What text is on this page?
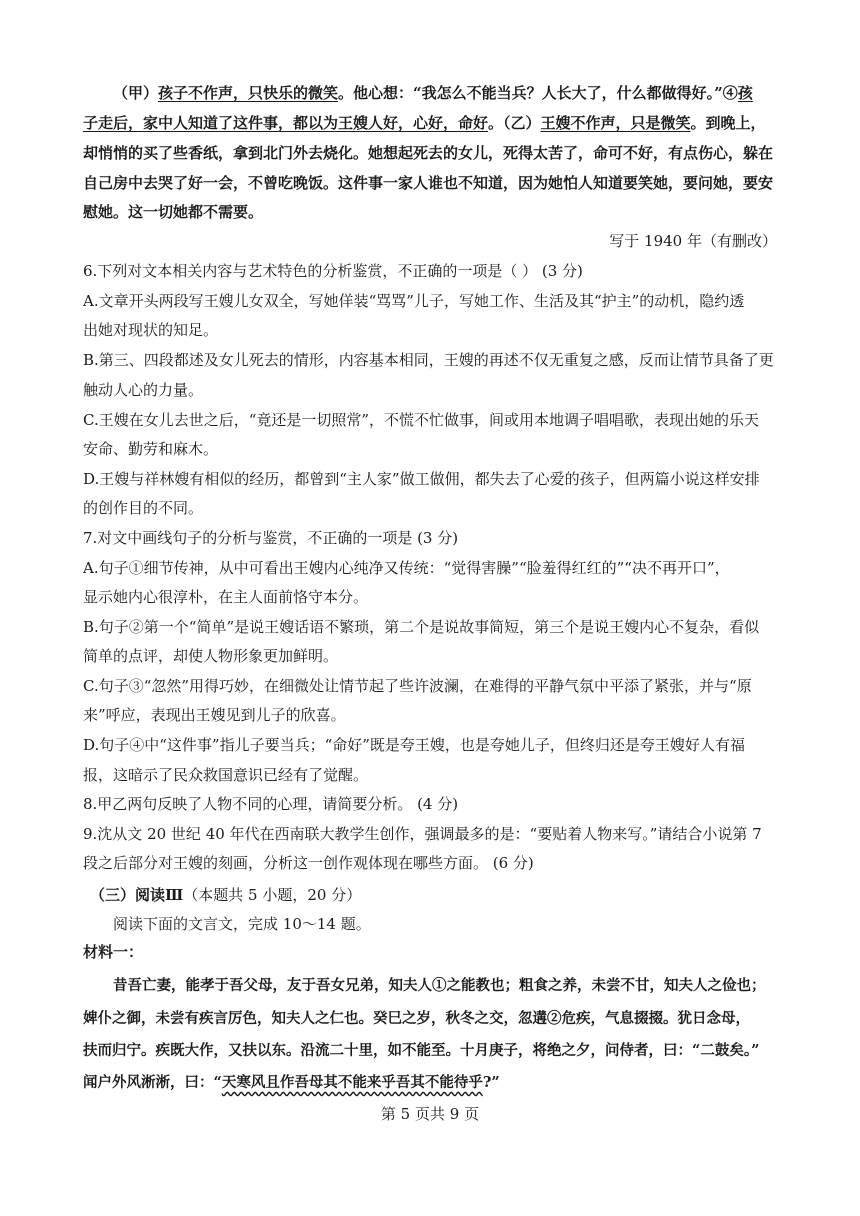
（甲）孩子不作声，只快乐的微笑。他心想：“我怎么不能当兵？人长大了，什么都做得好。”④孩
子走后，家中人知道了这件事，都以为王嫂人好，心好，命好。（乙）王嫂不作声，只是微笑。到晚上，
却悄悄的买了些香纸，拿到北门外去烧化。她想起死去的女儿，死得太苦了，命可不好，有点伤心，躲在
自己房中去哭了好一会，不曾吃晚饭。这件事一家人谁也不知道，因为她怕人知道要笑她，要问她，要安
慰她。这一切她都不需要。
写于 1940 年（有删改）
6.下列对文本相关内容与艺术特色的分析鉴赏，不正确的一项是（ ） (3 分)
A.文章开头两段写王嫂儿女双全，写她佯装“骂骂”儿子，写她工作、生活及其“护主”的动机，隐约透
出她对现状的知足。
B.第三、四段都述及女儿死去的情形，内容基本相同，王嫂的再述不仅无重复之感，反而让情节具备了更
触动人心的力量。
C.王嫂在女儿去世之后，“竟还是一切照常”，不慌不忙做事，间或用本地调子唱唱歌，表现出她的乐天
安命、勤劳和麻木。
D.王嫂与祥林嫂有相似的经历，都曾到“主人家”做工做佣，都失去了心爱的孩子，但两篇小说这样安排
的创作目的不同。
7.对文中画线句子的分析与鉴赏，不正确的一项是 (3 分)
A.句子①细节传神，从中可看出王嫂内心纯净又传统：“觉得害臊”“脸羞得红红的”“决不再开口”，
显示她内心很淳朴，在主人面前恪守本分。
B.句子②第一个“简单”是说王嫂话语不繁琐，第二个是说故事简短，第三个是说王嫂内心不复杂，看似
简单的点评，却使人物形象更加鲜明。
C.句子③“忽然”用得巧妙，在细微处让情节起了些许波澜，在难得的平静气氛中平添了紧张，并与“原
来”呼应，表现出王嫂见到儿子的欣喜。
D.句子④中“这件事”指儿子要当兵；“命好”既是夸王嫂，也是夸她儿子，但终归还是夸王嫂好人有福
报，这暗示了民众救国意识已经有了觉醒。
8.甲乙两句反映了人物不同的心理，请简要分析。 (4 分)
9.沈从文 20 世纪 40 年代在西南联大教学生创作，强调最多的是：“要贴着人物来写。”请结合小说第 7
段之后部分对王嫂的刻画，分析这一创作观体现在哪些方面。 (6 分)
（三）阅读Ⅲ（本题共 5 小题，20 分）
阅读下面的文言文，完成 10～14 题。
材料一：
昔吾亡妻，能孝于吾父母，友于吾女兄弟，知夫人①之能教也；粗食之养，未尝不甘，知夫人之俭也；
婢仆之御，未尝有疾言厉色，知夫人之仁也。癸巳之岁，秋冬之交，忽遘②危疾，气息掇掇。犹日念母，
扶而归宁。疾既大作，又扶以东。沿流二十里，如不能至。十月庚子，将绝之夕，问侍者，曰：“二鼓矣。”
闻户外风淅淅，曰：“天寒风且作吾母其不能来乎吾其不能待乎?”
第 5 页共 9 页
